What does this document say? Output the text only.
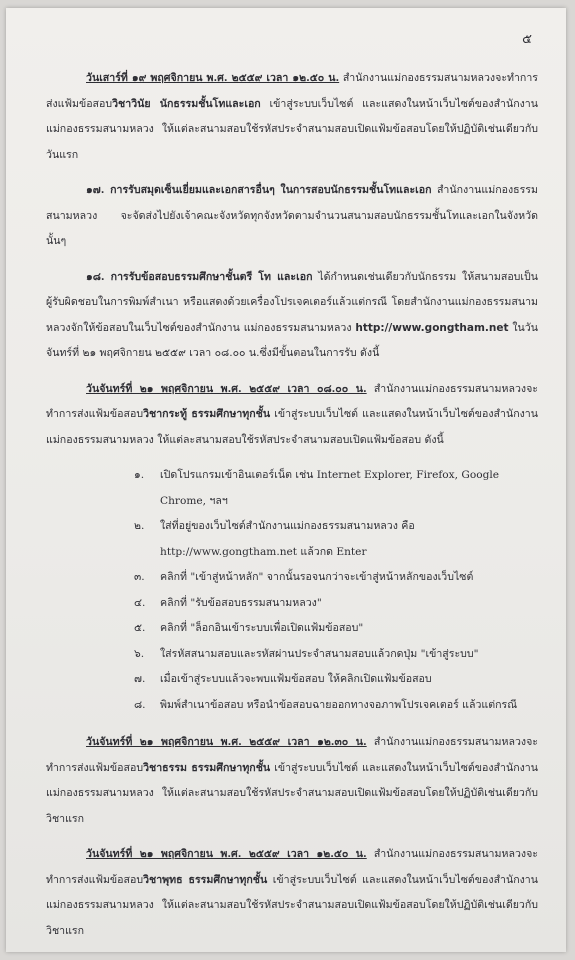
๕

วันเสาร์ที่ ๑๙ พฤศจิกายน พ.ศ. ๒๕๕๙ เวลา ๑๒.๕๐ น. สำนักงานแม่กองธรรมสนามหลวงจะทำการส่งแฟ้มข้อสอบวิชาวินัย นักธรรมชั้นโทและเอก เข้าสู่ระบบเว็บไซต์ และแสดงในหน้าเว็บไซต์ของสำนักงานแม่กองธรรมสนามหลวง ให้แต่ละสนามสอบใช้รหัสประจำสนามสอบเปิดแฟ้มข้อสอบโดยให้ปฏิบัติเช่นเดียวกับวันแรก

๑๗. การรับสมุดเซ็นเยี่ยมและเอกสารอื่นๆ ในการสอบนักธรรมชั้นโทและเอก สำนักงานแม่กองธรรมสนามหลวง จะจัดส่งไปยังเจ้าคณะจังหวัดทุกจังหวัดตามจำนวนสนามสอบนักธรรมชั้นโทและเอกในจังหวัดนั้นๆ

๑๘. การรับข้อสอบธรรมศึกษาชั้นตรี โท และเอก ได้กำหนดเช่นเดียวกับนักธรรม ให้สนามสอบเป็นผู้รับผิดชอบในการพิมพ์สำเนา หรือแสดงด้วยเครื่องโปรเจคเตอร์แล้วแต่กรณี โดยสำนักงานแม่กองธรรมสนามหลวงจักให้ข้อสอบในเว็บไซต์ของสำนักงาน แม่กองธรรมสนามหลวง http://www.gongtham.net ในวันจันทร์ที่ ๒๑ พฤศจิกายน ๒๕๕๙ เวลา ๐๘.๐๐ น.ซึ่งมีขั้นตอนในการรับ ดังนี้

วันจันทร์ที่ ๒๑ พฤศจิกายน พ.ศ. ๒๕๕๙ เวลา ๐๘.๐๐ น. สำนักงานแม่กองธรรมสนามหลวงจะทำการส่งแฟ้มข้อสอบวิชากระทู้ ธรรมศึกษาทุกชั้น เข้าสู่ระบบเว็บไซต์ และแสดงในหน้าเว็บไซต์ของสำนักงานแม่กองธรรมสนามหลวง ให้แต่ละสนามสอบใช้รหัสประจำสนามสอบเปิดแฟ้มข้อสอบ ดังนี้

๑. เปิดโปรแกรมเข้าอินเตอร์เน็ต เช่น Internet Explorer, Firefox, Google Chrome, ฯลฯ
๒. ใส่ที่อยู่ของเว็บไซต์สำนักงานแม่กองธรรมสนามหลวง คือ http://www.gongtham.net แล้วกด Enter
๓. คลิกที่ "เข้าสู่หน้าหลัก" จากนั้นรอจนกว่าจะเข้าสู่หน้าหลักของเว็บไซต์
๔. คลิกที่ "รับข้อสอบธรรมสนามหลวง"
๕. คลิกที่ "ล็อกอินเข้าระบบเพื่อเปิดแฟ้มข้อสอบ"
๖. ใส่รหัสสนามสอบและรหัสผ่านประจำสนามสอบแล้วกดปุ่ม "เข้าสู่ระบบ"
๗. เมื่อเข้าสู่ระบบแล้วจะพบแฟ้มข้อสอบ ให้คลิกเปิดแฟ้มข้อสอบ
๘. พิมพ์สำเนาข้อสอบ หรือนำข้อสอบฉายออกทางจอภาพโปรเจคเตอร์ แล้วแต่กรณี

วันจันทร์ที่ ๒๑ พฤศจิกายน พ.ศ. ๒๕๕๙ เวลา ๑๒.๓๐ น. สำนักงานแม่กองธรรมสนามหลวงจะทำการส่งแฟ้มข้อสอบวิชาธรรม ธรรมศึกษาทุกชั้น เข้าสู่ระบบเว็บไซต์ และแสดงในหน้าเว็บไซต์ของสำนักงานแม่กองธรรมสนามหลวง ให้แต่ละสนามสอบใช้รหัสประจำสนามสอบเปิดแฟ้มข้อสอบโดยให้ปฏิบัติเช่นเดียวกับวิชาแรก

วันจันทร์ที่ ๒๑ พฤศจิกายน พ.ศ. ๒๕๕๙ เวลา ๑๒.๕๐ น. สำนักงานแม่กองธรรมสนามหลวงจะทำการส่งแฟ้มข้อสอบวิชาพุทธ ธรรมศึกษาทุกชั้น เข้าสู่ระบบเว็บไซต์ และแสดงในหน้าเว็บไซต์ของสำนักงานแม่กองธรรมสนามหลวง ให้แต่ละสนามสอบใช้รหัสประจำสนามสอบเปิดแฟ้มข้อสอบโดยให้ปฏิบัติเช่นเดียวกับวิชาแรก
